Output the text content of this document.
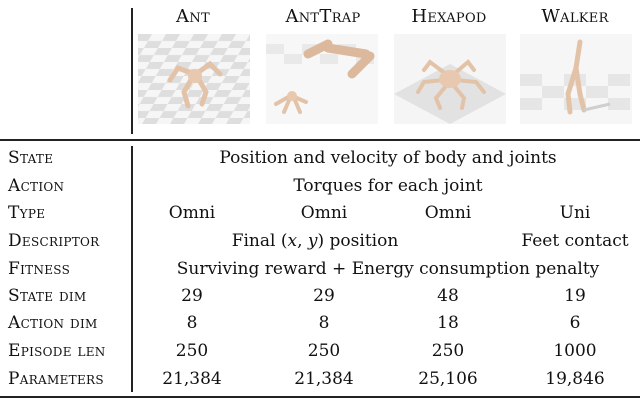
Ant	AntTrap	Hexapod	Walker
State	Position and velocity of body and joints
Action	Torques for each joint
Type	Omni	Omni	Omni	Uni
Descriptor	Final (x, y) position	Feet contact
Fitness	Surviving reward + Energy consumption penalty
State dim	29	29	48	19
Action dim	8	8	18	6
Episode len	250	250	250	1000
Parameters	21,384	21,384	25,106	19,846
